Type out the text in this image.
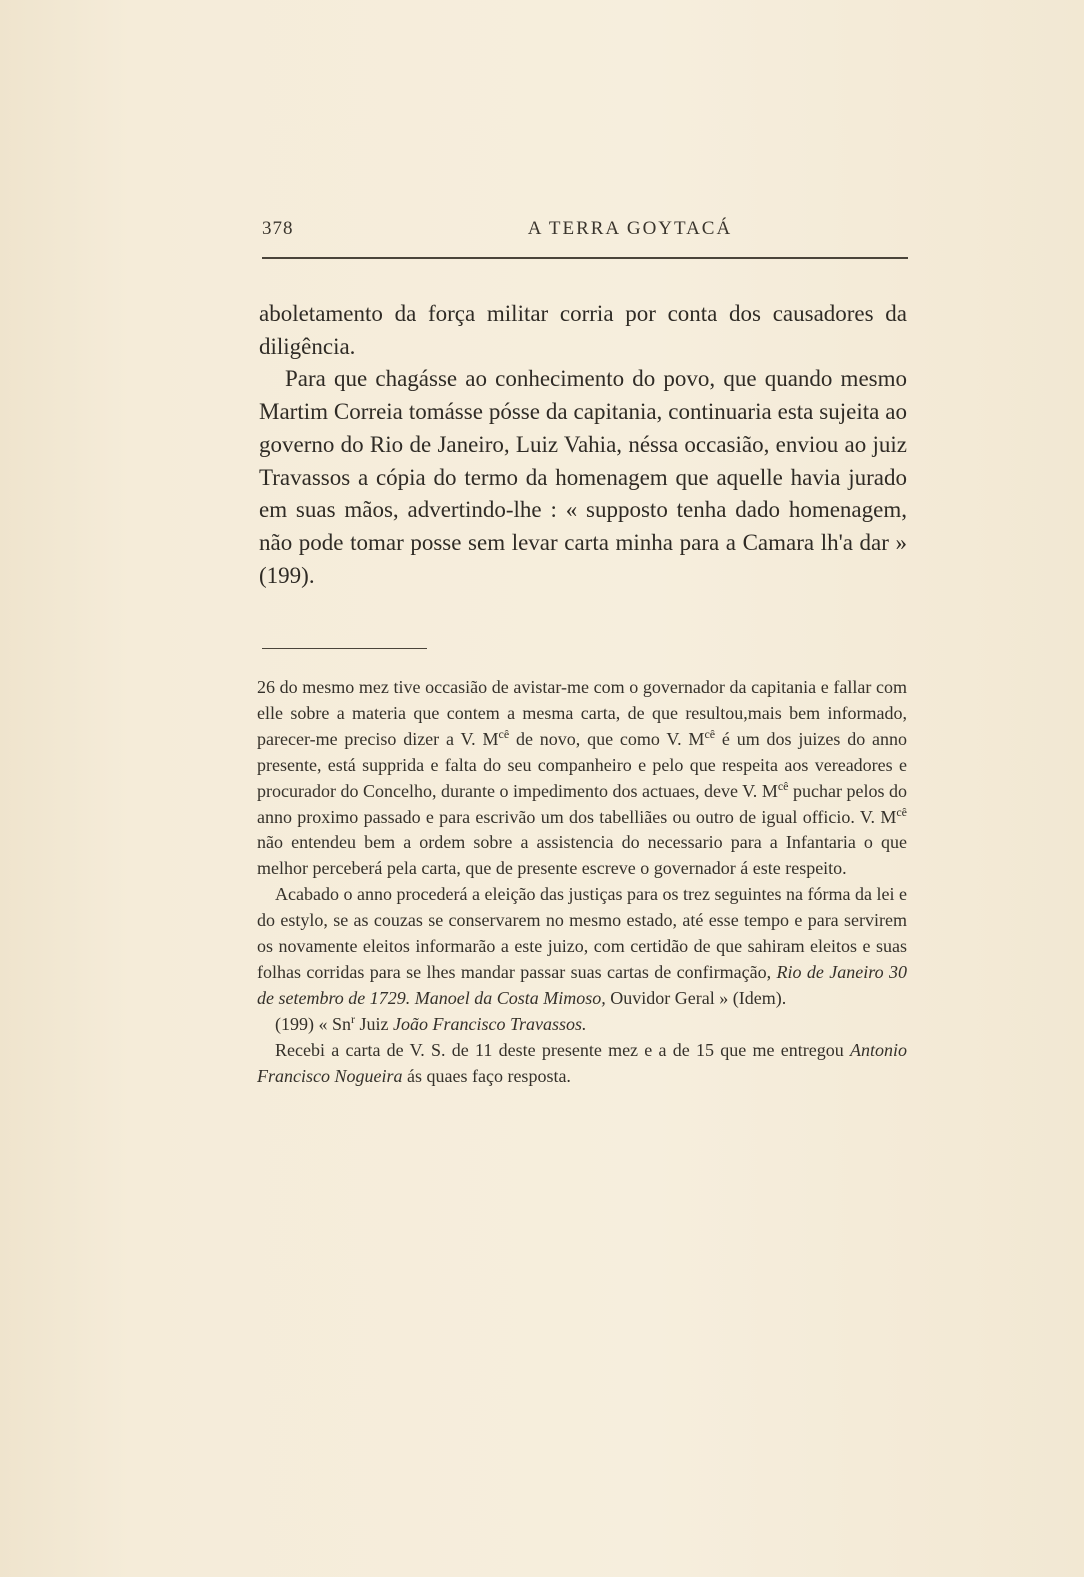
378	A TERRA GOYTACÁ

aboletamento da força militar corria por conta dos causadores da diligência.

Para que chagásse ao conhecimento do povo, que quando mesmo Martim Correia tomásse pósse da capitania, continuaria esta sujeita ao governo do Rio de Janeiro, Luiz Vahia, néssa occasião, enviou ao juiz Travassos a cópia do termo da homenagem que aquelle havia jurado em suas mãos, advertindo-lhe : « supposto tenha dado homenagem, não pode tomar posse sem levar carta minha para a Camara lh'a dar » (199).

26 do mesmo mez tive occasião de avistar-me com o governador da capitania e fallar com elle sobre a materia que contem a mesma carta, de que resultou,mais bem informado, parecer-me preciso dizer a V. $M^{cê}$ de novo, que como V. $M^{cê}$ é um dos juizes do anno presente, está supprida e falta do seu companheiro e pelo que respeita aos vereadores e procurador do Concelho, durante o impedimento dos actuaes, deve V. $M^{cê}$ puchar pelos do anno proximo passado e para escrivão um dos tabelliães ou outro de igual officio. V. $M^{cê}$ não entendeu bem a ordem sobre a assistencia do necessario para a Infantaria o que melhor perceberá pela carta, que de presente escreve o governador á este respeito.

Acabado o anno procederá a eleição das justiças para os trez seguintes na fórma da lei e do estylo, se as couzas se conservarem no mesmo estado, até esse tempo e para servirem os novamente eleitos informarão a este juizo, com certidão de que sahiram eleitos e suas folhas corridas para se lhes mandar passar suas cartas de confirmação, Rio de Janeiro 30 de setembro de 1729. Manoel da Costa Mimoso, Ouvidor Geral » (Idem).

(199) « Sn$^r$ Juiz João Francisco Travassos.

Recebi a carta de V. S. de 11 deste presente mez e a de 15 que me entregou Antonio Francisco Nogueira ás quaes faço resposta.
